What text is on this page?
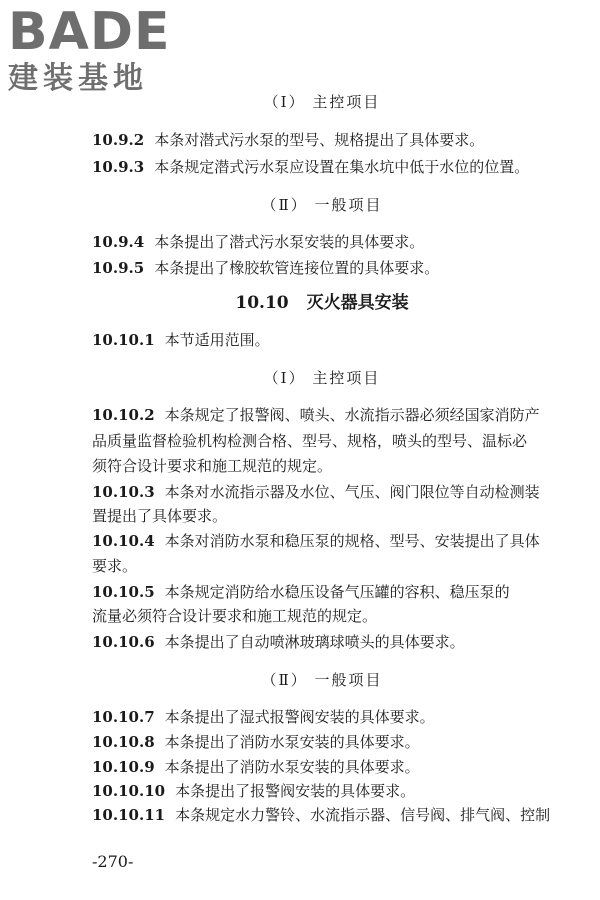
BADE
建装基地
（Ⅰ） 主控项目
10.9.2 本条对潜式污水泵的型号、规格提出了具体要求。
10.9.3 本条规定潜式污水泵应设置在集水坑中低于水位的位置。
（Ⅱ） 一般项目
10.9.4 本条提出了潜式污水泵安装的具体要求。
10.9.5 本条提出了橡胶软管连接位置的具体要求。
10.10 灭火器具安装
10.10.1 本节适用范围。
（Ⅰ） 主控项目
10.10.2 本条规定了报警阀、喷头、水流指示器必须经国家消防产
品质量监督检验机构检测合格、型号、规格，喷头的型号、温标必
须符合设计要求和施工规范的规定。
10.10.3 本条对水流指示器及水位、气压、阀门限位等自动检测装
置提出了具体要求。
10.10.4 本条对消防水泵和稳压泵的规格、型号、安装提出了具体
要求。
10.10.5 本条规定消防给水稳压设备气压罐的容积、稳压泵的
流量必须符合设计要求和施工规范的规定。
10.10.6 本条提出了自动喷淋玻璃球喷头的具体要求。
（Ⅱ） 一般项目
10.10.7 本条提出了湿式报警阀安装的具体要求。
10.10.8 本条提出了消防水泵安装的具体要求。
10.10.9 本条提出了消防水泵安装的具体要求。
10.10.10 本条提出了报警阀安装的具体要求。
10.10.11 本条规定水力警铃、水流指示器、信号阀、排气阀、控制
-270-
